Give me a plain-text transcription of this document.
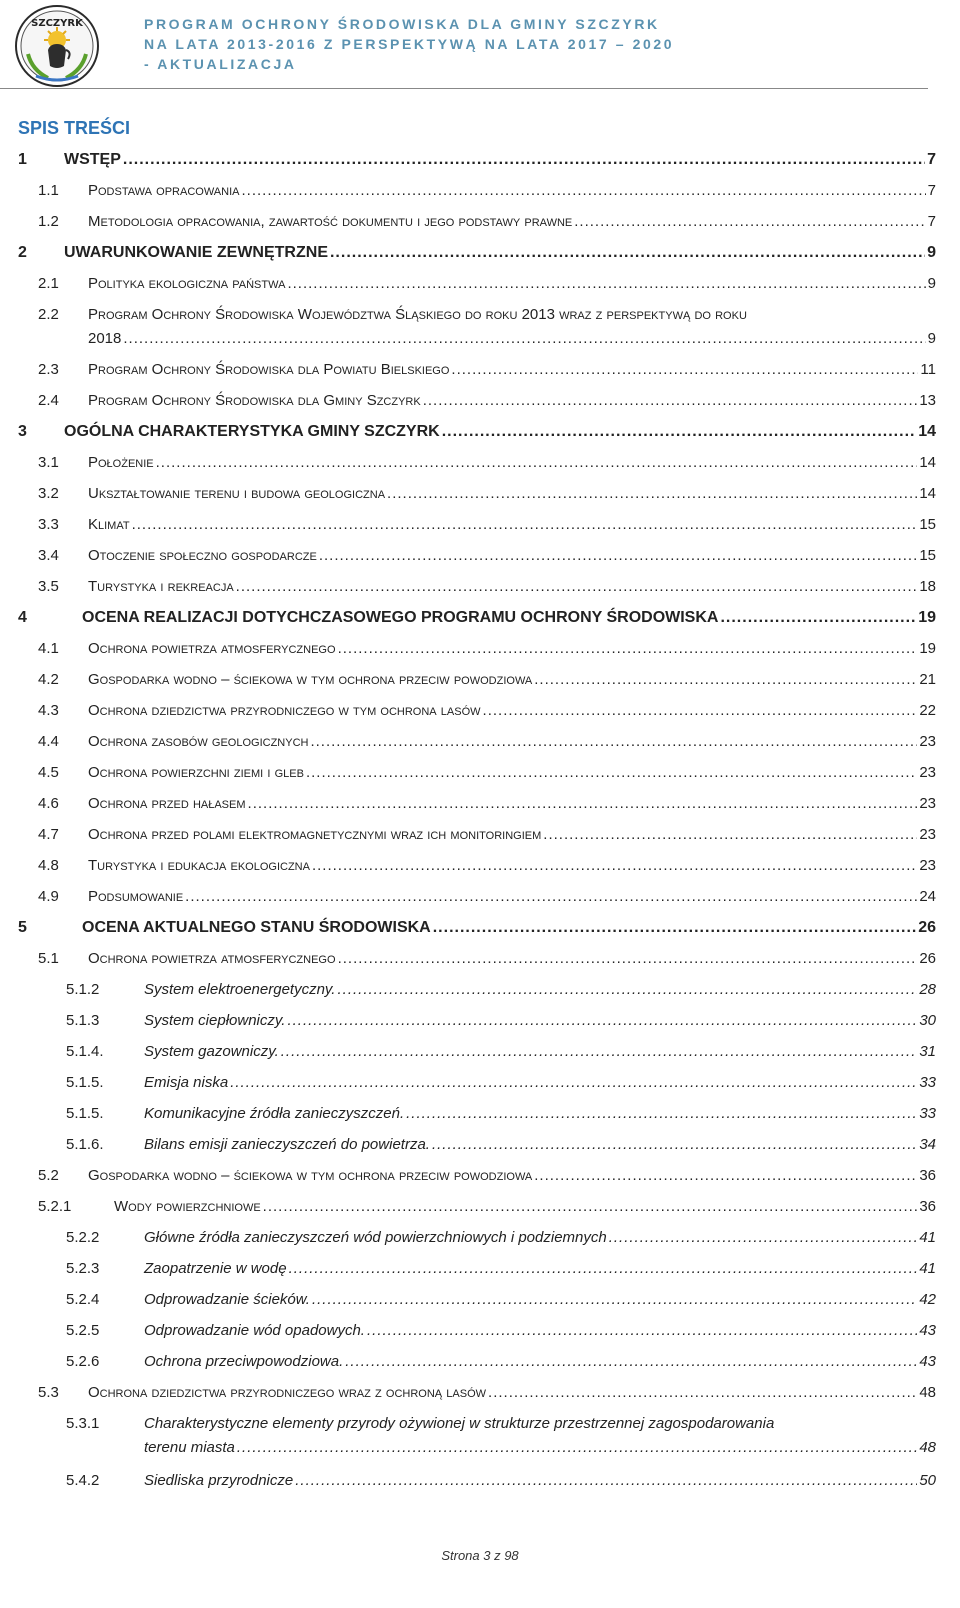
SZCZYRK	PROGRAM OCHRONY ŚRODOWISKA DLA GMINY SZCZYRK
NA LATA 2013-2016 Z PERSPEKTYWĄ NA LATA 2017 – 2020
- AKTUALIZACJA
SPIS TREŚCI
1 WSTĘP .....	7
1.1 Podstawa opracowania .....	7
1.2 Metodologia opracowania, zawartość dokumentu i jego podstawy prawne .....	7
2 UWARUNKOWANIE ZEWNĘTRZNE .....	9
2.1 Polityka ekologiczna państwa .....	9
2.2 Program Ochrony Środowiska Województwa Śląskiego do roku 2013 wraz z perspektywą do roku
2018 .....	9
2.3 Program Ochrony Środowiska dla Powiatu Bielskiego .....	11
2.4 Program Ochrony Środowiska dla Gminy Szczyrk .....	13
3 OGÓLNA CHARAKTERYSTYKA GMINY SZCZYRK .....	14
3.1 Położenie .....	14
3.2 Ukształtowanie terenu i budowa geologiczna .....	14
3.3 Klimat .....	15
3.4 Otoczenie społeczno gospodarcze .....	15
3.5 Turystyka i rekreacja .....	18
4	OCENA REALIZACJI DOTYCHCZASOWEGO PROGRAMU OCHRONY ŚRODOWISKA .....	19
4.1 Ochrona powietrza atmosferycznego .....	19
4.2 Gospodarka wodno – ściekowa w tym ochrona przeciw powodziowa .....	21
4.3 Ochrona dziedzictwa przyrodniczego w tym ochrona lasów .....	22
4.4 Ochrona zasobów geologicznych .....	23
4.5 Ochrona powierzchni ziemi i gleb .....	23
4.6 Ochrona przed hałasem .....	23
4.7 Ochrona przed polami elektromagnetycznymi wraz ich monitoringiem .....	23
4.8 Turystyka i edukacja ekologiczna .....	23
4.9 Podsumowanie .....	24
5	OCENA AKTUALNEGO STANU ŚRODOWISKA .....	26
5.1 Ochrona powietrza atmosferycznego .....	26
5.1.2	System elektroenergetyczny. .....	28
5.1.3	System ciepłowniczy. .....	30
5.1.4.	System gazowniczy. .....	31
5.1.5.	Emisja niska .....	33
5.1.5.	Komunikacyjne źródła zanieczyszczeń. .....	33
5.1.6.	Bilans emisji zanieczyszczeń do powietrza. .....	34
5.2 Gospodarka wodno – ściekowa w tym ochrona przeciw powodziowa .....	36
5.2.1	Wody powierzchniowe .....	36
5.2.2	Główne źródła zanieczyszczeń wód powierzchniowych i podziemnych .....	41
5.2.3	Zaopatrzenie w wodę .....	41
5.2.4	Odprowadzanie ścieków. .....	42
5.2.5	Odprowadzanie wód opadowych. .....	43
5.2.6	Ochrona przeciwpowodziowa. .....	43
5.3 Ochrona dziedzictwa przyrodniczego wraz z ochroną lasów .....	48
5.3.1	Charakterystyczne elementy przyrody ożywionej w strukturze przestrzennej zagospodarowania
terenu miasta .....	48
5.4.2	Siedliska przyrodnicze .....	50
Strona 3 z 98
